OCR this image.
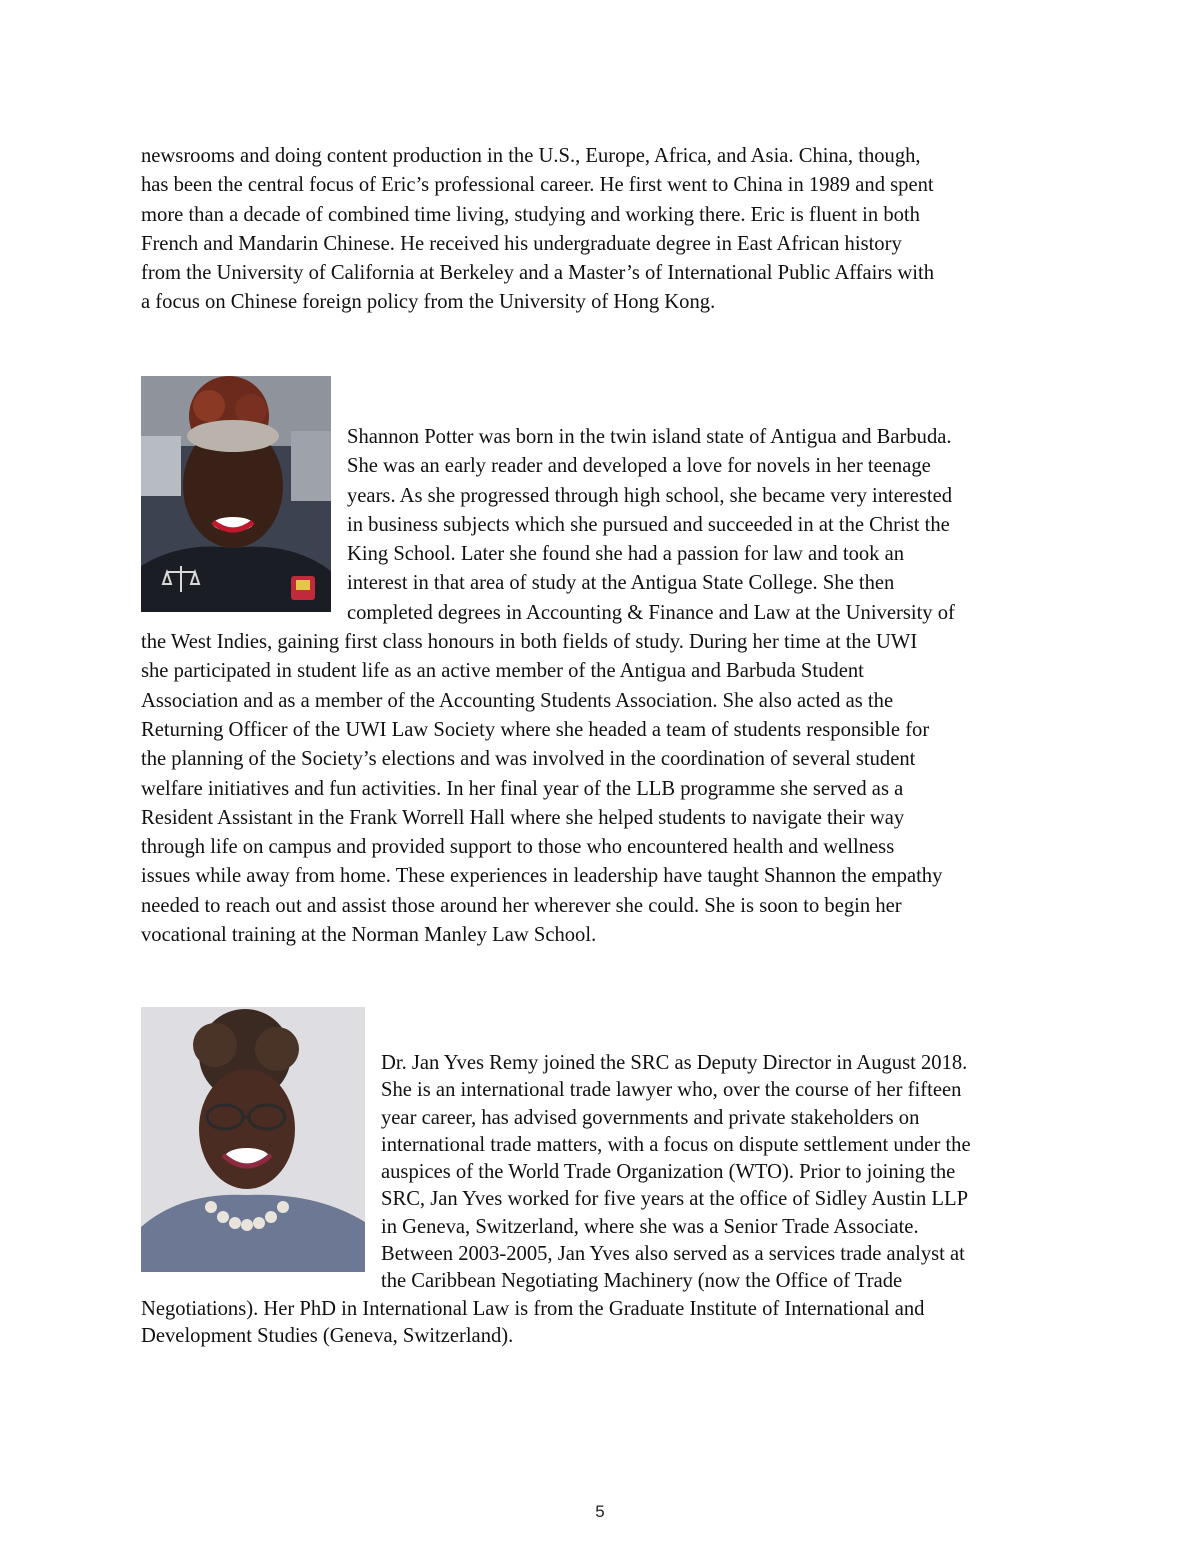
newsrooms and doing content production in the U.S., Europe, Africa, and Asia. China, though,
has been the central focus of Eric’s professional career. He first went to China in 1989 and spent
more than a decade of combined time living, studying and working there. Eric is fluent in both
French and Mandarin Chinese. He received his undergraduate degree in East African history
from the University of California at Berkeley and a Master’s of International Public Affairs with
a focus on Chinese foreign policy from the University of Hong Kong.
Shannon Potter was born in the twin island state of Antigua and Barbuda.
She was an early reader and developed a love for novels in her teenage
years. As she progressed through high school, she became very interested
in business subjects which she pursued and succeeded in at the Christ the
King School. Later she found she had a passion for law and took an
interest in that area of study at the Antigua State College. She then
completed degrees in Accounting & Finance and Law at the University of
the West Indies, gaining first class honours in both fields of study. During her time at the UWI
she participated in student life as an active member of the Antigua and Barbuda Student
Association and as a member of the Accounting Students Association. She also acted as the
Returning Officer of the UWI Law Society where she headed a team of students responsible for
the planning of the Society’s elections and was involved in the coordination of several student
welfare initiatives and fun activities. In her final year of the LLB programme she served as a
Resident Assistant in the Frank Worrell Hall where she helped students to navigate their way
through life on campus and provided support to those who encountered health and wellness
issues while away from home. These experiences in leadership have taught Shannon the empathy
needed to reach out and assist those around her wherever she could. She is soon to begin her
vocational training at the Norman Manley Law School.
Dr. Jan Yves Remy joined the SRC as Deputy Director in August 2018.
She is an international trade lawyer who, over the course of her fifteen
year career, has advised governments and private stakeholders on
international trade matters, with a focus on dispute settlement under the
auspices of the World Trade Organization (WTO). Prior to joining the
SRC, Jan Yves worked for five years at the office of Sidley Austin LLP
in Geneva, Switzerland, where she was a Senior Trade Associate.
Between 2003-2005, Jan Yves also served as a services trade analyst at
the Caribbean Negotiating Machinery (now the Office of Trade
Negotiations). Her PhD in International Law is from the Graduate Institute of International and
Development Studies (Geneva, Switzerland).
5
